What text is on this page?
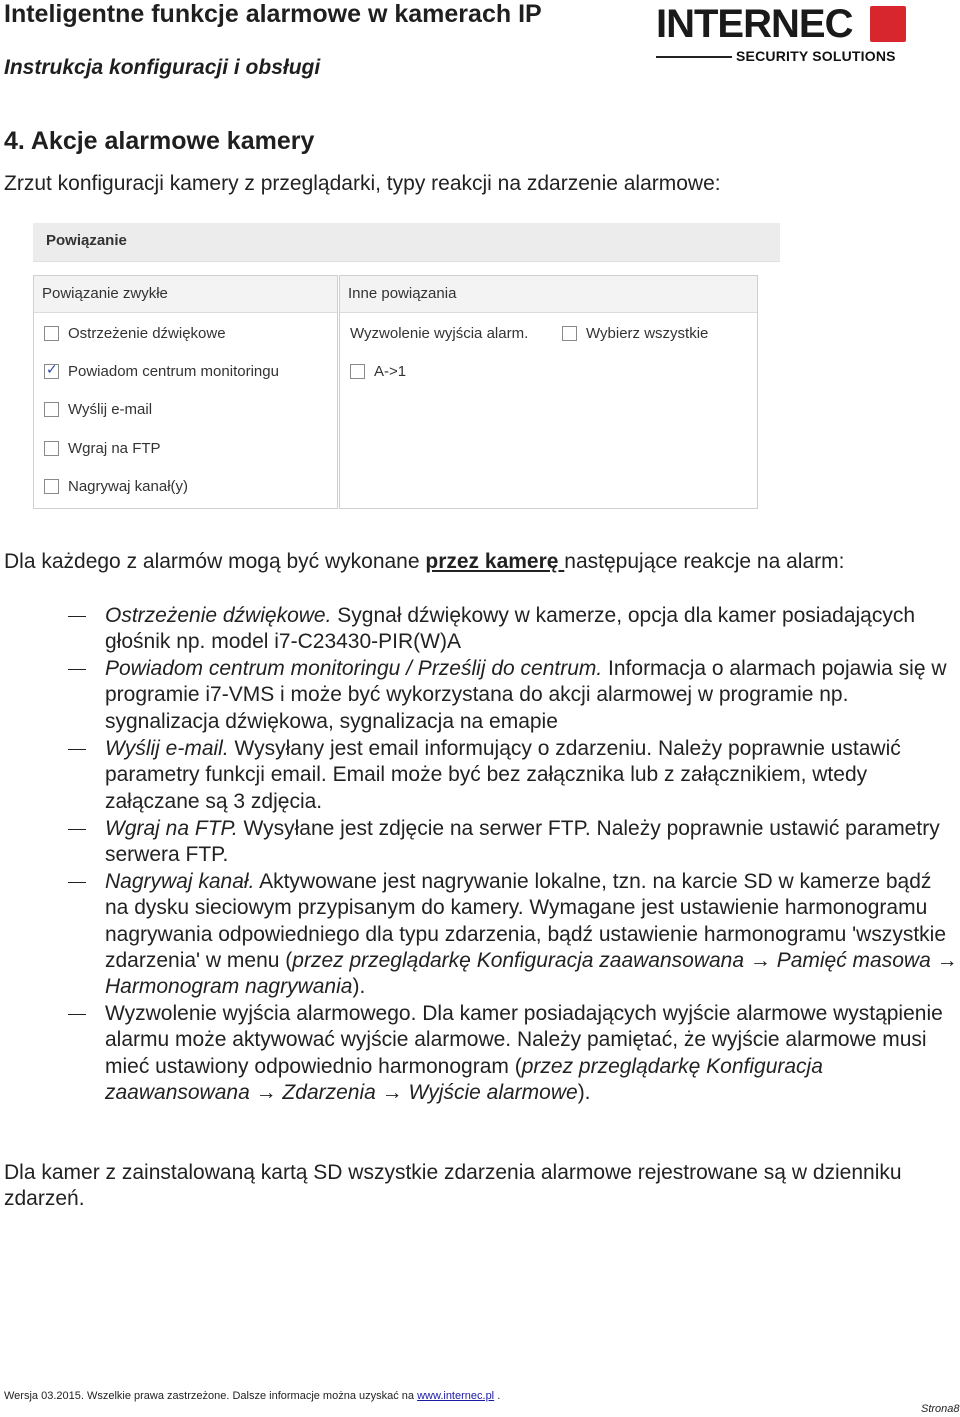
Inteligentne funkcje alarmowe w kamerach IP
Instrukcja konfiguracji i obsługi
INTERNEC
SECURITY SOLUTIONS
4. Akcje alarmowe kamery
Zrzut konfiguracji kamery z przeglądarki, typy reakcji na zdarzenie alarmowe:
Powiązanie
Powiązanie zwykłe
Ostrzeżenie dźwiękowe
✓
Powiadom centrum monitoringu
Wyślij e-mail
Wgraj na FTP
Nagrywaj kanał(y)
Inne powiązania
Wyzwolenie wyjścia alarm.	Wybierz wszystkie
A->1
Dla każdego z alarmów mogą być wykonane przez kamerę następujące reakcje na alarm:
Ostrzeżenie dźwiękowe. Sygnał dźwiękowy w kamerze, opcja dla kamer posiadających głośnik np. model i7-C23430-PIR(W)A
Powiadom centrum monitoringu / Prześlij do centrum. Informacja o alarmach pojawia się w programie i7-VMS i może być wykorzystana do akcji alarmowej w programie np. sygnalizacja dźwiękowa, sygnalizacja na emapie
Wyślij e-mail. Wysyłany jest email informujący o zdarzeniu. Należy poprawnie ustawić parametry funkcji email. Email może być bez załącznika lub z załącznikiem, wtedy załączane są 3 zdjęcia.
Wgraj na FTP. Wysyłane jest zdjęcie na serwer FTP. Należy poprawnie ustawić parametry serwera FTP.
Nagrywaj kanał. Aktywowane jest nagrywanie lokalne, tzn. na karcie SD w kamerze bądź na dysku sieciowym przypisanym do kamery. Wymagane jest ustawienie harmonogramu nagrywania odpowiedniego dla typu zdarzenia, bądź ustawienie harmonogramu 'wszystkie zdarzenia' w menu (przez przeglądarkę Konfiguracja zaawansowana → Pamięć masowa → Harmonogram nagrywania).
Wyzwolenie wyjścia alarmowego. Dla kamer posiadających wyjście alarmowe wystąpienie alarmu może aktywować wyjście alarmowe. Należy pamiętać, że wyjście alarmowe musi mieć ustawiony odpowiednio harmonogram (przez przeglądarkę Konfiguracja zaawansowana → Zdarzenia → Wyjście alarmowe).
Dla kamer z zainstalowaną kartą SD wszystkie zdarzenia alarmowe rejestrowane są w dzienniku zdarzeń.
Wersja 03.2015. Wszelkie prawa zastrzeżone. Dalsze informacje można uzyskać na www.internec.pl .
Strona8
